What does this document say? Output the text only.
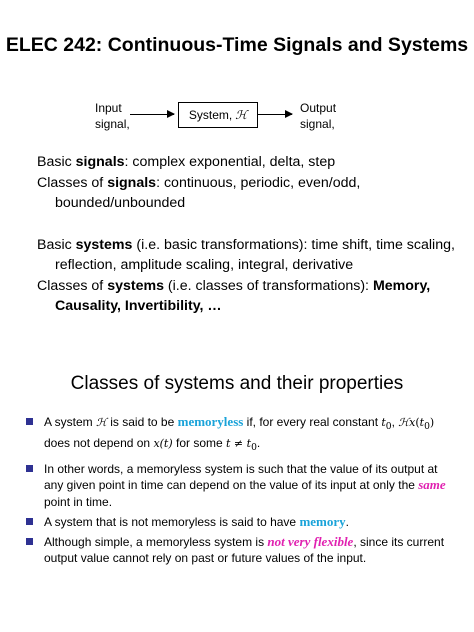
ELEC 242: Continuous-Time Signals and Systems
Input
signal,
System, ℋ	Output
signal,

Basic signals: complex exponential, delta, step

Classes of signals: continuous, periodic, even/odd, bounded/unbounded

Basic systems (i.e. basic transformations): time shift, time scaling, reflection, amplitude scaling, integral, derivative

Classes of systems (i.e. classes of transformations): Memory, Causality, Invertibility, …

Classes of systems and their properties
A system ℋ is said to be memoryless if, for every real constant $t_0$, $ℋx(t_0)$ does not depend on x(t) for some $t \ne t_0$.
In other words, a memoryless system is such that the value of its output at any given point in time can depend on the value of its input at only the same point in time.
A system that is not memoryless is said to have memory.
Although simple, a memoryless system is not very flexible, since its current output value cannot rely on past or future values of the input.
